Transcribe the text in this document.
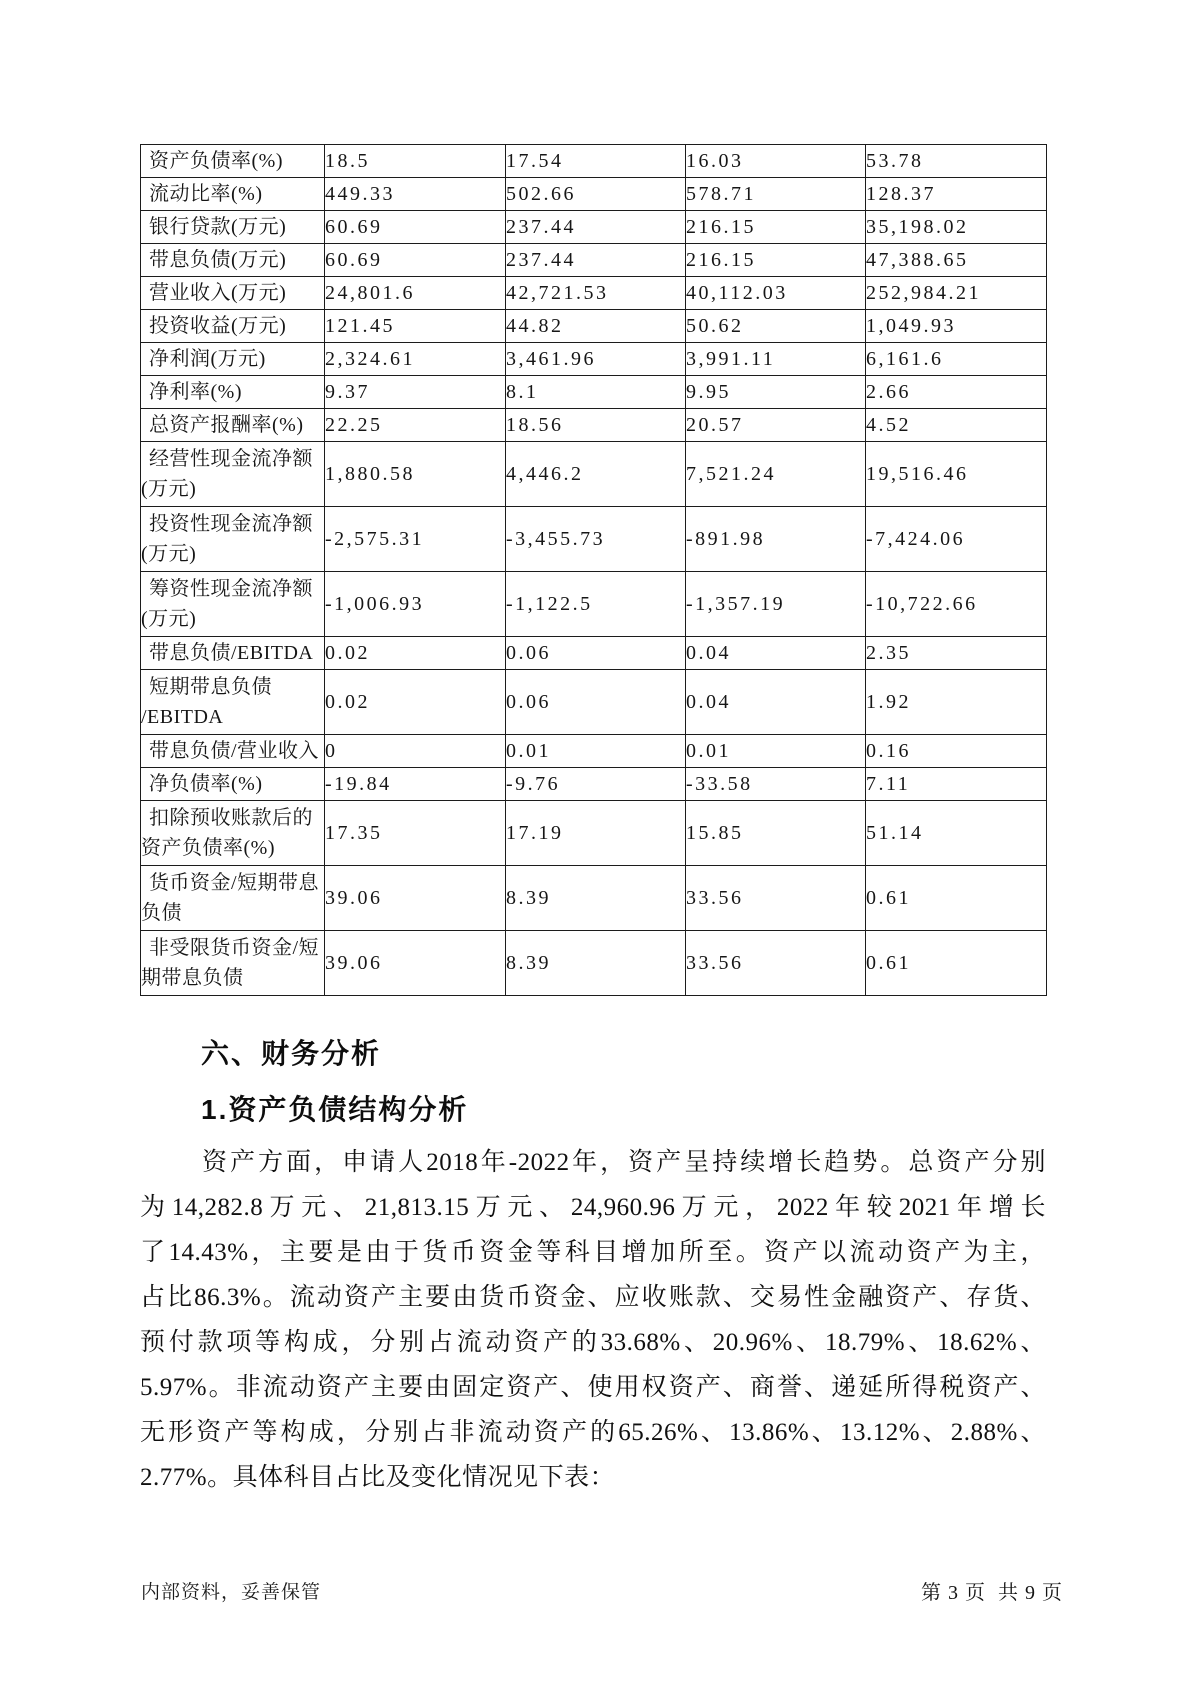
资产负债率(%)	18.5	17.54	16.03	53.78

流动比率(%)	449.33	502.66	578.71	128.37

银行贷款(万元)	60.69	237.44	216.15	35,198.02

带息负债(万元)	60.69	237.44	216.15	47,388.65

营业收入(万元)	24,801.6	42,721.53	40,112.03	252,984.21

投资收益(万元)	121.45	44.82	50.62	1,049.93

净利润(万元)	2,324.61	3,461.96	3,991.11	6,161.6

净利率(%)	9.37	8.1	9.95	2.66

总资产报酬率(%)	22.25	18.56	20.57	4.52

经营性现金流净额
(万元)	1,880.58	4,446.2	7,521.24	19,516.46

投资性现金流净额
(万元)	-2,575.31	-3,455.73	-891.98	-7,424.06

筹资性现金流净额
(万元)	-1,006.93	-1,122.5	-1,357.19	-10,722.66

带息负债/EBITDA	0.02	0.06	0.04	2.35

短期带息负债
/EBITDA	0.02	0.06	0.04	1.92

带息负债/营业收入	0	0.01	0.01	0.16

净负债率(%)	-19.84	-9.76	-33.58	7.11

扣除预收账款后的
资产负债率(%)	17.35	17.19	15.85	51.14

货币资金/短期带息
负债	39.06	8.39	33.56	0.61

非受限货币资金/短
期带息负债	39.06	8.39	33.56	0.61
六、财务分析
1.资产负债结构分析
资产方面，申请人2018年-2022年，资产呈持续增长趋势。总资产分别
为14,282.8万元、21,813.15万元、24,960.96万元，2022年较2021年增长
了14.43%，主要是由于货币资金等科目增加所至。资产以流动资产为主，
占比86.3%。流动资产主要由货币资金、应收账款、交易性金融资产、存货、
预付款项等构成，分别占流动资产的33.68%、20.96%、18.79%、18.62%、
5.97%。非流动资产主要由固定资产、使用权资产、商誉、递延所得税资产、
无形资产等构成，分别占非流动资产的65.26%、13.86%、13.12%、2.88%、
2.77%。具体科目占比及变化情况见下表：
内部资料，妥善保管	第 3 页  共 9 页
